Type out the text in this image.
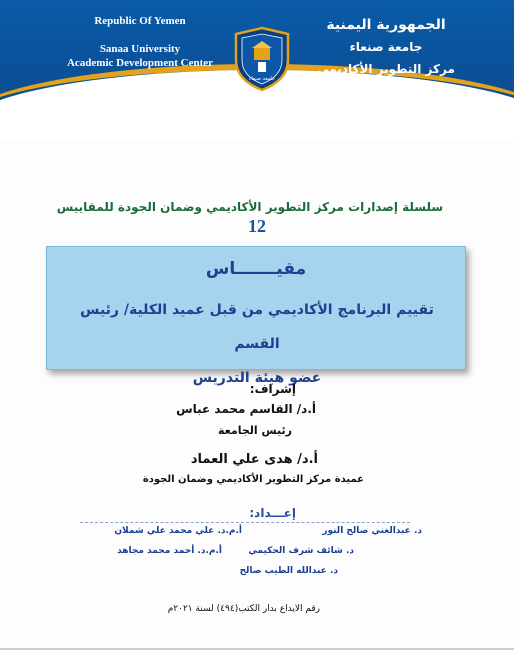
Republic Of Yemen
Sanaa University
Academic Development Center
& Quality Assurance
جامعة صنعاء
الجمهورية اليمنية
جامعة صنعاء
مركز التطوير الأكاديمي
وضمان الجودة
سلسلة إصدارات مركز التطوير الأكاديمي وضمان الجودة للمقاييس
12
مقيـــــــاس
تقييم البرنامج الأكاديمي من قبل عميد الكلية/ رئيس القسم
عضو هيئة التدريس
إشراف:
أ.د/ القاسم محمد عباس
رئيس الجامعة
أ.د/ هدى علي العماد
عميدة مركز التطوير الأكاديمي وضمان الجودة
إعـــداد:
د. عبدالغني صالح النور
أ.م.د. علي محمد علي شملان
د. شائف شرف الحكيمي
أ.م.د. أحمد محمد مجاهد
د. عبدالله الطيب صالح
رقم الايداع بدار الكتب(٤٩٤) لسنة ٢٠٢١م
